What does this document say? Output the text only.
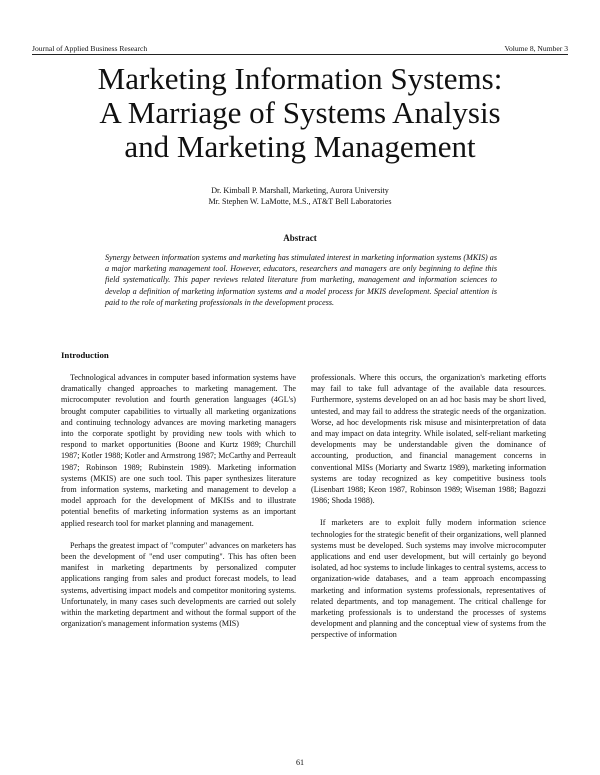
Journal of Applied Business Research	Volume 8, Number 3
Marketing Information Systems:
A Marriage of Systems Analysis
and Marketing Management
Dr. Kimball P. Marshall, Marketing, Aurora University
Mr. Stephen W. LaMotte, M.S., AT&T Bell Laboratories
Abstract

Synergy between information systems and marketing has stimulated interest in marketing information systems (MKIS) as a major marketing management tool. However, educators, researchers and managers are only beginning to define this field systematically. This paper reviews related literature from marketing, management and information sciences to develop a definition of marketing information systems and a model process for MKIS development. Special attention is paid to the role of marketing professionals in the development process.

Introduction

Technological advances in computer based information systems have dramatically changed approaches to marketing management. The microcomputer revolution and fourth generation languages (4GL's) brought computer capabilities to virtually all marketing organizations and continuing technology advances are moving marketing managers into the corporate spotlight by providing new tools with which to respond to market opportunities (Boone and Kurtz 1989; Churchill 1987; Kotler 1988; Kotler and Armstrong 1987; McCarthy and Perreault 1987; Robinson 1989; Rubinstein 1989). Marketing information systems (MKIS) are one such tool. This paper synthesizes literature from information systems, marketing and management to develop a model approach for the development of MKISs and to illustrate potential benefits of marketing information systems as an important applied research tool for market planning and management.

Perhaps the greatest impact of "computer" advances on marketers has been the development of "end user computing". This has often been manifest in marketing departments by personalized computer applications ranging from sales and product forecast models, to lead systems, advertising impact models and competitor monitoring systems. Unfortunately, in many cases such developments are carried out solely within the marketing department and without the formal support of the organization's management information systems (MIS)

professionals. Where this occurs, the organization's marketing efforts may fail to take full advantage of the available data resources. Furthermore, systems developed on an ad hoc basis may be short lived, untested, and may fail to address the strategic needs of the organization. Worse, ad hoc developments risk misuse and misinterpretation of data and may impact on data integrity. While isolated, self-reliant marketing developments may be understandable given the dominance of accounting, production, and financial management concerns in conventional MISs (Moriarty and Swartz 1989), marketing information systems are today recognized as key competitive business tools (Lisenbart 1988; Keon 1987, Robinson 1989; Wiseman 1988; Bagozzi 1986; Shoda 1988).

If marketers are to exploit fully modern information science technologies for the strategic benefit of their organizations, well planned systems must be developed. Such systems may involve microcomputer applications and end user development, but will certainly go beyond isolated, ad hoc systems to include linkages to central systems, access to organization-wide databases, and a team approach encompassing marketing and information systems professionals, representatives of related departments, and top management. The critical challenge for marketing professionals is to understand the processes of systems development and planning and the conceptual view of systems from the perspective of information

61
